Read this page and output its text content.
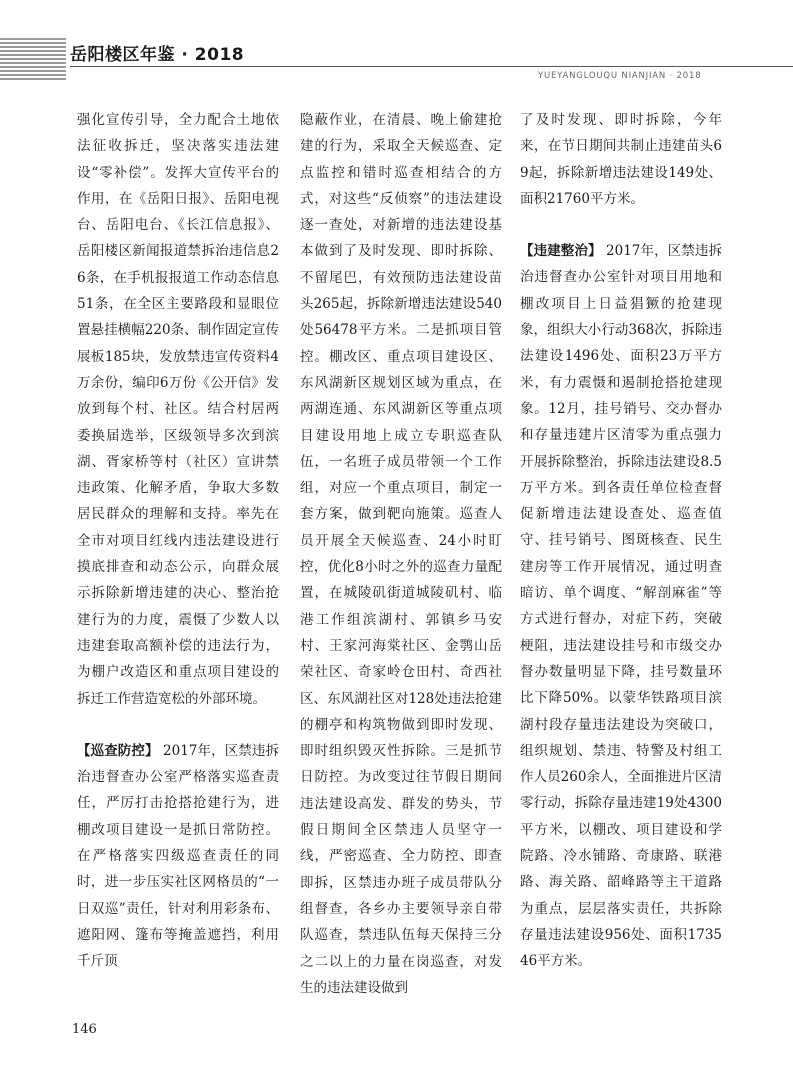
岳阳楼区年鉴 · 2018
YUEYANGLOUQU NIANJIAN · 2018

强化宣传引导，全力配合土地依法征收拆迁，坚决落实违法建设“零补偿”。发挥大宣传平台的作用，在《岳阳日报》、岳阳电视台、岳阳电台、《长江信息报》、岳阳楼区新闻报道禁拆治违信息26条，在手机报报道工作动态信息51条，在全区主要路段和显眼位置悬挂横幅220条、制作固定宣传展板185块，发放禁违宣传资料4万余份，编印6万份《公开信》发放到每个村、社区。结合村居两委换届选举，区级领导多次到滨湖、胥家桥等村（社区）宣讲禁违政策、化解矛盾，争取大多数居民群众的理解和支持。率先在全市对项目红线内违法建设进行摸底排查和动态公示，向群众展示拆除新增违建的决心、整治抢建行为的力度，震慑了少数人以违建套取高额补偿的违法行为，为棚户改造区和重点项目建设的拆迁工作营造宽松的外部环境。

【巡查防控】 2017年，区禁违拆治违督查办公室严格落实巡查责任，严厉打击抢搭抢建行为，进棚改项目建设一是抓日常防控。在严格落实四级巡查责任的同时，进一步压实社区网格员的“一日双巡”责任，针对利用彩条布、遮阳网、篷布等掩盖遮挡，利用千斤顶

隐蔽作业，在清晨、晚上偷建抢建的行为，采取全天候巡查、定点监控和错时巡查相结合的方式，对这些“反侦察”的违法建设逐一查处，对新增的违法建设基本做到了及时发现、即时拆除、不留尾巴，有效预防违法建设苗头265起，拆除新增违法建设540处56478平方米。二是抓项目管控。棚改区、重点项目建设区、东风湖新区规划区域为重点，在两湖连通、东风湖新区等重点项目建设用地上成立专职巡查队伍，一名班子成员带领一个工作组，对应一个重点项目，制定一套方案，做到靶向施策。巡查人员开展全天候巡查、24小时盯控，优化8小时之外的巡查力量配置，在城陵矶街道城陵矶村、临港工作组滨湖村、郭镇乡马安村、王家河海棠社区、金鹗山岳荣社区、奇家岭仓田村、奇西社区、东风湖社区对128处违法抢建的棚亭和构筑物做到即时发现、即时组织毁灭性拆除。三是抓节日防控。为改变过往节假日期间违法建设高发、群发的势头，节假日期间全区禁违人员坚守一线，严密巡查、全力防控、即查即拆，区禁违办班子成员带队分组督查，各乡办主要领导亲自带队巡查，禁违队伍每天保持三分之二以上的力量在岗巡查，对发生的违法建设做到

了及时发现、即时拆除，今年来，在节日期间共制止违建苗头69起，拆除新增违法建设149处、面积21760平方米。

【违建整治】 2017年，区禁违拆治违督查办公室针对项目用地和棚改项目上日益猖獗的抢建现象，组织大小行动368次，拆除违法建设1496处、面积23万平方米，有力震慑和遏制抢搭抢建现象。12月，挂号销号、交办督办和存量违建片区清零为重点强力开展拆除整治，拆除违法建设8.5万平方米。到各责任单位检查督促新增违法建设查处、巡查值守、挂号销号、图斑核查、民生建房等工作开展情况，通过明查暗访、单个调度、“解剖麻雀”等方式进行督办，对症下药，突破梗阻，违法建设挂号和市级交办督办数量明显下降，挂号数量环比下降50%。以蒙华铁路项目滨湖村段存量违法建设为突破口，组织规划、禁违、特警及村组工作人员260余人，全面推进片区清零行动，拆除存量违建19处4300平方米，以棚改、项目建设和学院路、冷水铺路、奇康路、联港路、海关路、韶峰路等主干道路为重点，层层落实责任，共拆除存量违法建设956处、面积173546平方米。

146
